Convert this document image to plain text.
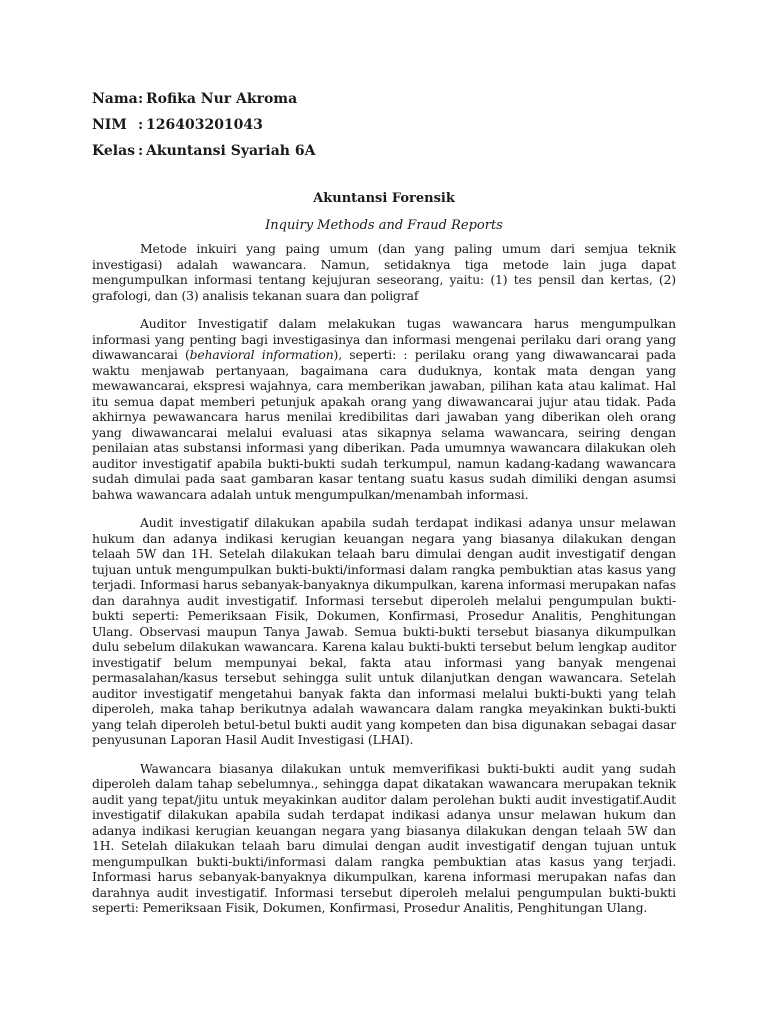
Nama : Rofika Nur Akroma
NIM : 126403201043
Kelas : Akuntansi Syariah 6A
Akuntansi Forensik
Inquiry Methods and Fraud Reports

Metode inkuiri yang paing umum (dan yang paling umum dari semjua teknik investigasi) adalah wawancara. Namun, setidaknya tiga metode lain juga dapat mengumpulkan informasi tentang kejujuran seseorang, yaitu: (1) tes pensil dan kertas, (2) grafologi, dan (3) analisis tekanan suara dan poligraf

Auditor Investigatif dalam melakukan tugas wawancara harus mengumpulkan informasi yang penting bagi investigasinya dan informasi mengenai perilaku dari orang yang diwawancarai (behavioral information), seperti: : perilaku orang yang diwawancarai pada waktu menjawab pertanyaan, bagaimana cara duduknya, kontak mata dengan yang mewawancarai, ekspresi wajahnya, cara memberikan jawaban, pilihan kata atau kalimat. Hal itu semua dapat memberi petunjuk apakah orang yang diwawancarai jujur atau tidak. Pada akhirnya pewawancara harus menilai kredibilitas dari jawaban yang diberikan oleh orang yang diwawancarai melalui evaluasi atas sikapnya selama wawancara, seiring dengan penilaian atas substansi informasi yang diberikan. Pada umumnya wawancara dilakukan oleh auditor investigatif apabila bukti-bukti sudah terkumpul, namun kadang-kadang wawancara sudah dimulai pada saat gambaran kasar tentang suatu kasus sudah dimiliki dengan asumsi bahwa wawancara adalah untuk mengumpulkan/menambah informasi.

Audit investigatif dilakukan apabila sudah terdapat indikasi adanya unsur melawan hukum dan adanya indikasi kerugian keuangan negara yang biasanya dilakukan dengan telaah 5W dan 1H. Setelah dilakukan telaah baru dimulai dengan audit investigatif dengan tujuan untuk mengumpulkan bukti-bukti/informasi dalam rangka pembuktian atas kasus yang terjadi. Informasi harus sebanyak-banyaknya dikumpulkan, karena informasi merupakan nafas dan darahnya audit investigatif. Informasi tersebut diperoleh melalui pengumpulan bukti-bukti seperti: Pemeriksaan Fisik, Dokumen, Konfirmasi, Prosedur Analitis, Penghitungan Ulang. Observasi maupun Tanya Jawab. Semua bukti-bukti tersebut biasanya dikumpulkan dulu sebelum dilakukan wawancara. Karena kalau bukti-bukti tersebut belum lengkap auditor investigatif belum mempunyai bekal, fakta atau informasi yang banyak mengenai permasalahan/kasus tersebut sehingga sulit untuk dilanjutkan dengan wawancara. Setelah auditor investigatif mengetahui banyak fakta dan informasi melalui bukti-bukti yang telah diperoleh, maka tahap berikutnya adalah wawancara dalam rangka meyakinkan bukti-bukti yang telah diperoleh betul-betul bukti audit yang kompeten dan bisa digunakan sebagai dasar penyusunan Laporan Hasil Audit Investigasi (LHAI).

Wawancara biasanya dilakukan untuk memverifikasi bukti-bukti audit yang sudah diperoleh dalam tahap sebelumnya., sehingga dapat dikatakan wawancara merupakan teknik audit yang tepat/jitu untuk meyakinkan auditor dalam perolehan bukti audit investigatif.Audit investigatif dilakukan apabila sudah terdapat indikasi adanya unsur melawan hukum dan adanya indikasi kerugian keuangan negara yang biasanya dilakukan dengan telaah 5W dan 1H. Setelah dilakukan telaah baru dimulai dengan audit investigatif dengan tujuan untuk mengumpulkan bukti-bukti/informasi dalam rangka pembuktian atas kasus yang terjadi. Informasi harus sebanyak-banyaknya dikumpulkan, karena informasi merupakan nafas dan darahnya audit investigatif. Informasi tersebut diperoleh melalui pengumpulan bukti-bukti seperti: Pemeriksaan Fisik, Dokumen, Konfirmasi, Prosedur Analitis, Penghitungan Ulang.
